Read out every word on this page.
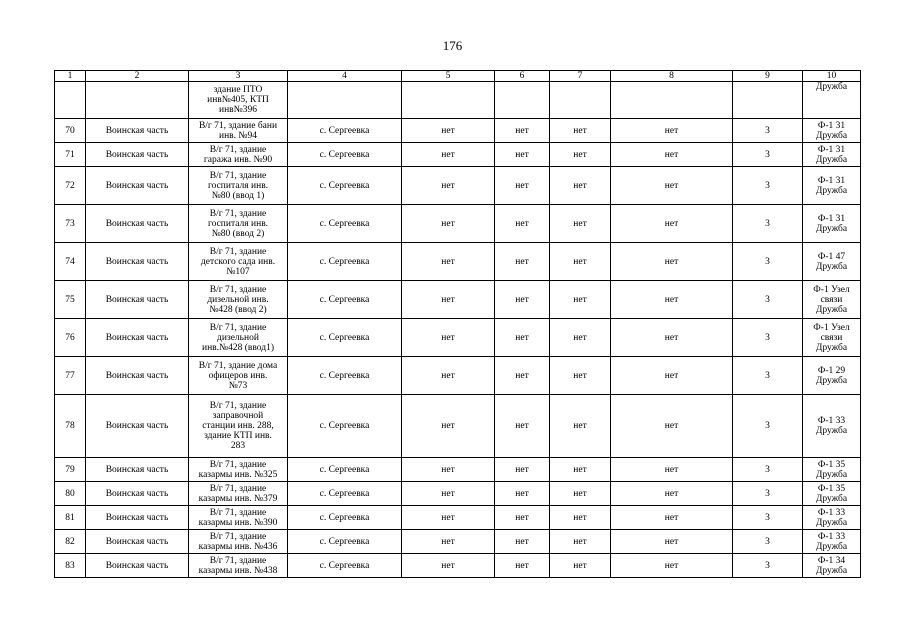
176
1	2	3	4	5	6	7	8	9	10
		здание ПТО
инв№405, КТП
инв№396							Дружба
70	Воинская часть	В/г 71, здание бани
инв. №94	с. Сергеевка	нет	нет	нет	нет	3	Ф-1 31
Дружба
71	Воинская часть	В/г 71, здание
гаража инв. №90	с. Сергеевка	нет	нет	нет	нет	3	Ф-1 31
Дружба
72	Воинская часть	В/г 71, здание
госпиталя инв.
№80 (ввод 1)	с. Сергеевка	нет	нет	нет	нет	3	Ф-1 31
Дружба
73	Воинская часть	В/г 71, здание
госпиталя инв.
№80 (ввод 2)	с. Сергеевка	нет	нет	нет	нет	3	Ф-1 31
Дружба
74	Воинская часть	В/г 71, здание
детского сада инв.
№107	с. Сергеевка	нет	нет	нет	нет	3	Ф-1 47
Дружба
75	Воинская часть	В/г 71, здание
дизельной инв.
№428 (ввод 2)	с. Сергеевка	нет	нет	нет	нет	3	Ф-1 Узел
связи Дружба
76	Воинская часть	В/г 71, здание
дизельной
инв.№428 (ввод1)	с. Сергеевка	нет	нет	нет	нет	3	Ф-1 Узел
связи Дружба
77	Воинская часть	В/г 71, здание дома
офицеров инв.
№73	с. Сергеевка	нет	нет	нет	нет	3	Ф-1 29
Дружба
78	Воинская часть	В/г 71, здание
заправочной
станции инв. 288,
здание КТП инв.
283	с. Сергеевка	нет	нет	нет	нет	3	Ф-1 33
Дружба
79	Воинская часть	В/г 71, здание
казармы инв. №325	с. Сергеевка	нет	нет	нет	нет	3	Ф-1 35
Дружба
80	Воинская часть	В/г 71, здание
казармы инв. №379	с. Сергеевка	нет	нет	нет	нет	3	Ф-1 35
Дружба
81	Воинская часть	В/г 71, здание
казармы инв. №390	с. Сергеевка	нет	нет	нет	нет	3	Ф-1 33
Дружба
82	Воинская часть	В/г 71, здание
казармы инв. №436	с. Сергеевка	нет	нет	нет	нет	3	Ф-1 33
Дружба
83	Воинская часть	В/г 71, здание
казармы инв. №438	с. Сергеевка	нет	нет	нет	нет	3	Ф-1 34
Дружба
